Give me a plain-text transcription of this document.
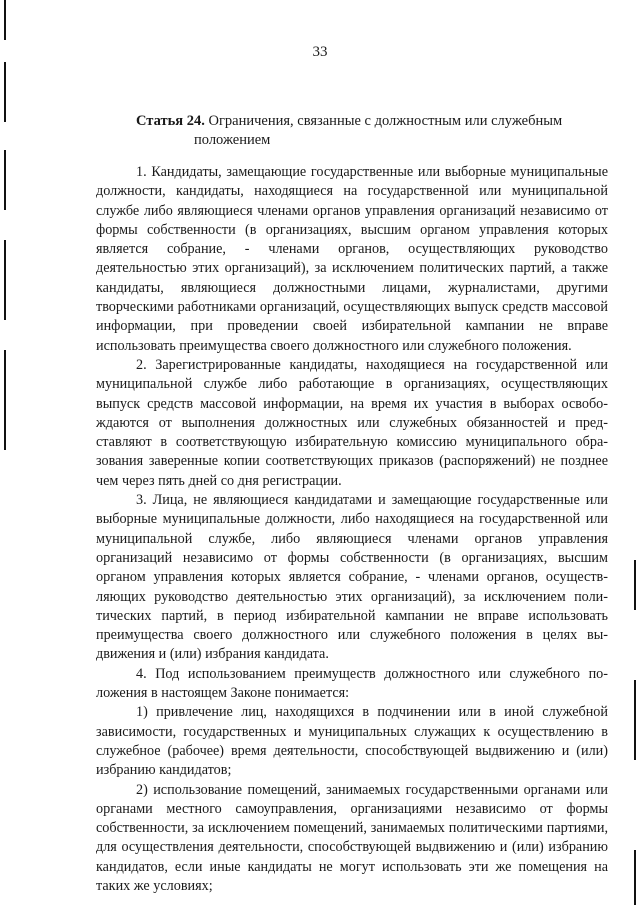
33
Статья 24. Ограничения, связанные с должностным или служебным
положением

1. Кандидаты, замещающие государственные или выборные муниципальные должности, кандидаты, находящиеся на государственной или муниципальной службе либо являющиеся членами органов управления организаций независимо от формы собственности (в организациях, высшим органом управления которых является собрание, - членами органов, осуществляющих руководство деятельностью этих организаций), за исключением политических партий, а также кандидаты, являющиеся должностными лицами, журналистами, другими творческими работниками организаций, осуществляющих выпуск средств массовой информации, при проведении своей избирательной кампании не вправе использовать преимущества своего должностного или служебного положения.

2. Зарегистрированные кандидаты, находящиеся на государственной или муниципальной службе либо работающие в организациях, осуществляющих выпуск средств массовой информации, на время их участия в выборах освобождаются от выполнения должностных или служебных обязанностей и представляют в соответствующую избирательную комиссию муниципального образования заверенные копии соответствующих приказов (распоряжений) не позднее чем через пять дней со дня регистрации.

3. Лица, не являющиеся кандидатами и замещающие государственные или выборные муниципальные должности, либо находящиеся на государственной или муниципальной службе, либо являющиеся членами органов управления организаций независимо от формы собственности (в организациях, высшим органом управления которых является собрание, - членами органов, осуществляющих руководство деятельностью этих организаций), за исключением политических партий, в период избирательной кампании не вправе использовать преимущества своего должностного или служебного положения в целях выдвижения и (или) избрания кандидата.

4. Под использованием преимуществ должностного или служебного положения в настоящем Законе понимается:

1) привлечение лиц, находящихся в подчинении или в иной служебной зависимости, государственных и муниципальных служащих к осуществлению в служебное (рабочее) время деятельности, способствующей выдвижению и (или) избранию кандидатов;

2) использование помещений, занимаемых государственными органами или органами местного самоуправления, организациями независимо от формы собственности, за исключением помещений, занимаемых политическими партиями, для осуществления деятельности, способствующей выдвижению и (или) избранию кандидатов, если иные кандидаты не могут использовать эти же помещения на таких же условиях;
